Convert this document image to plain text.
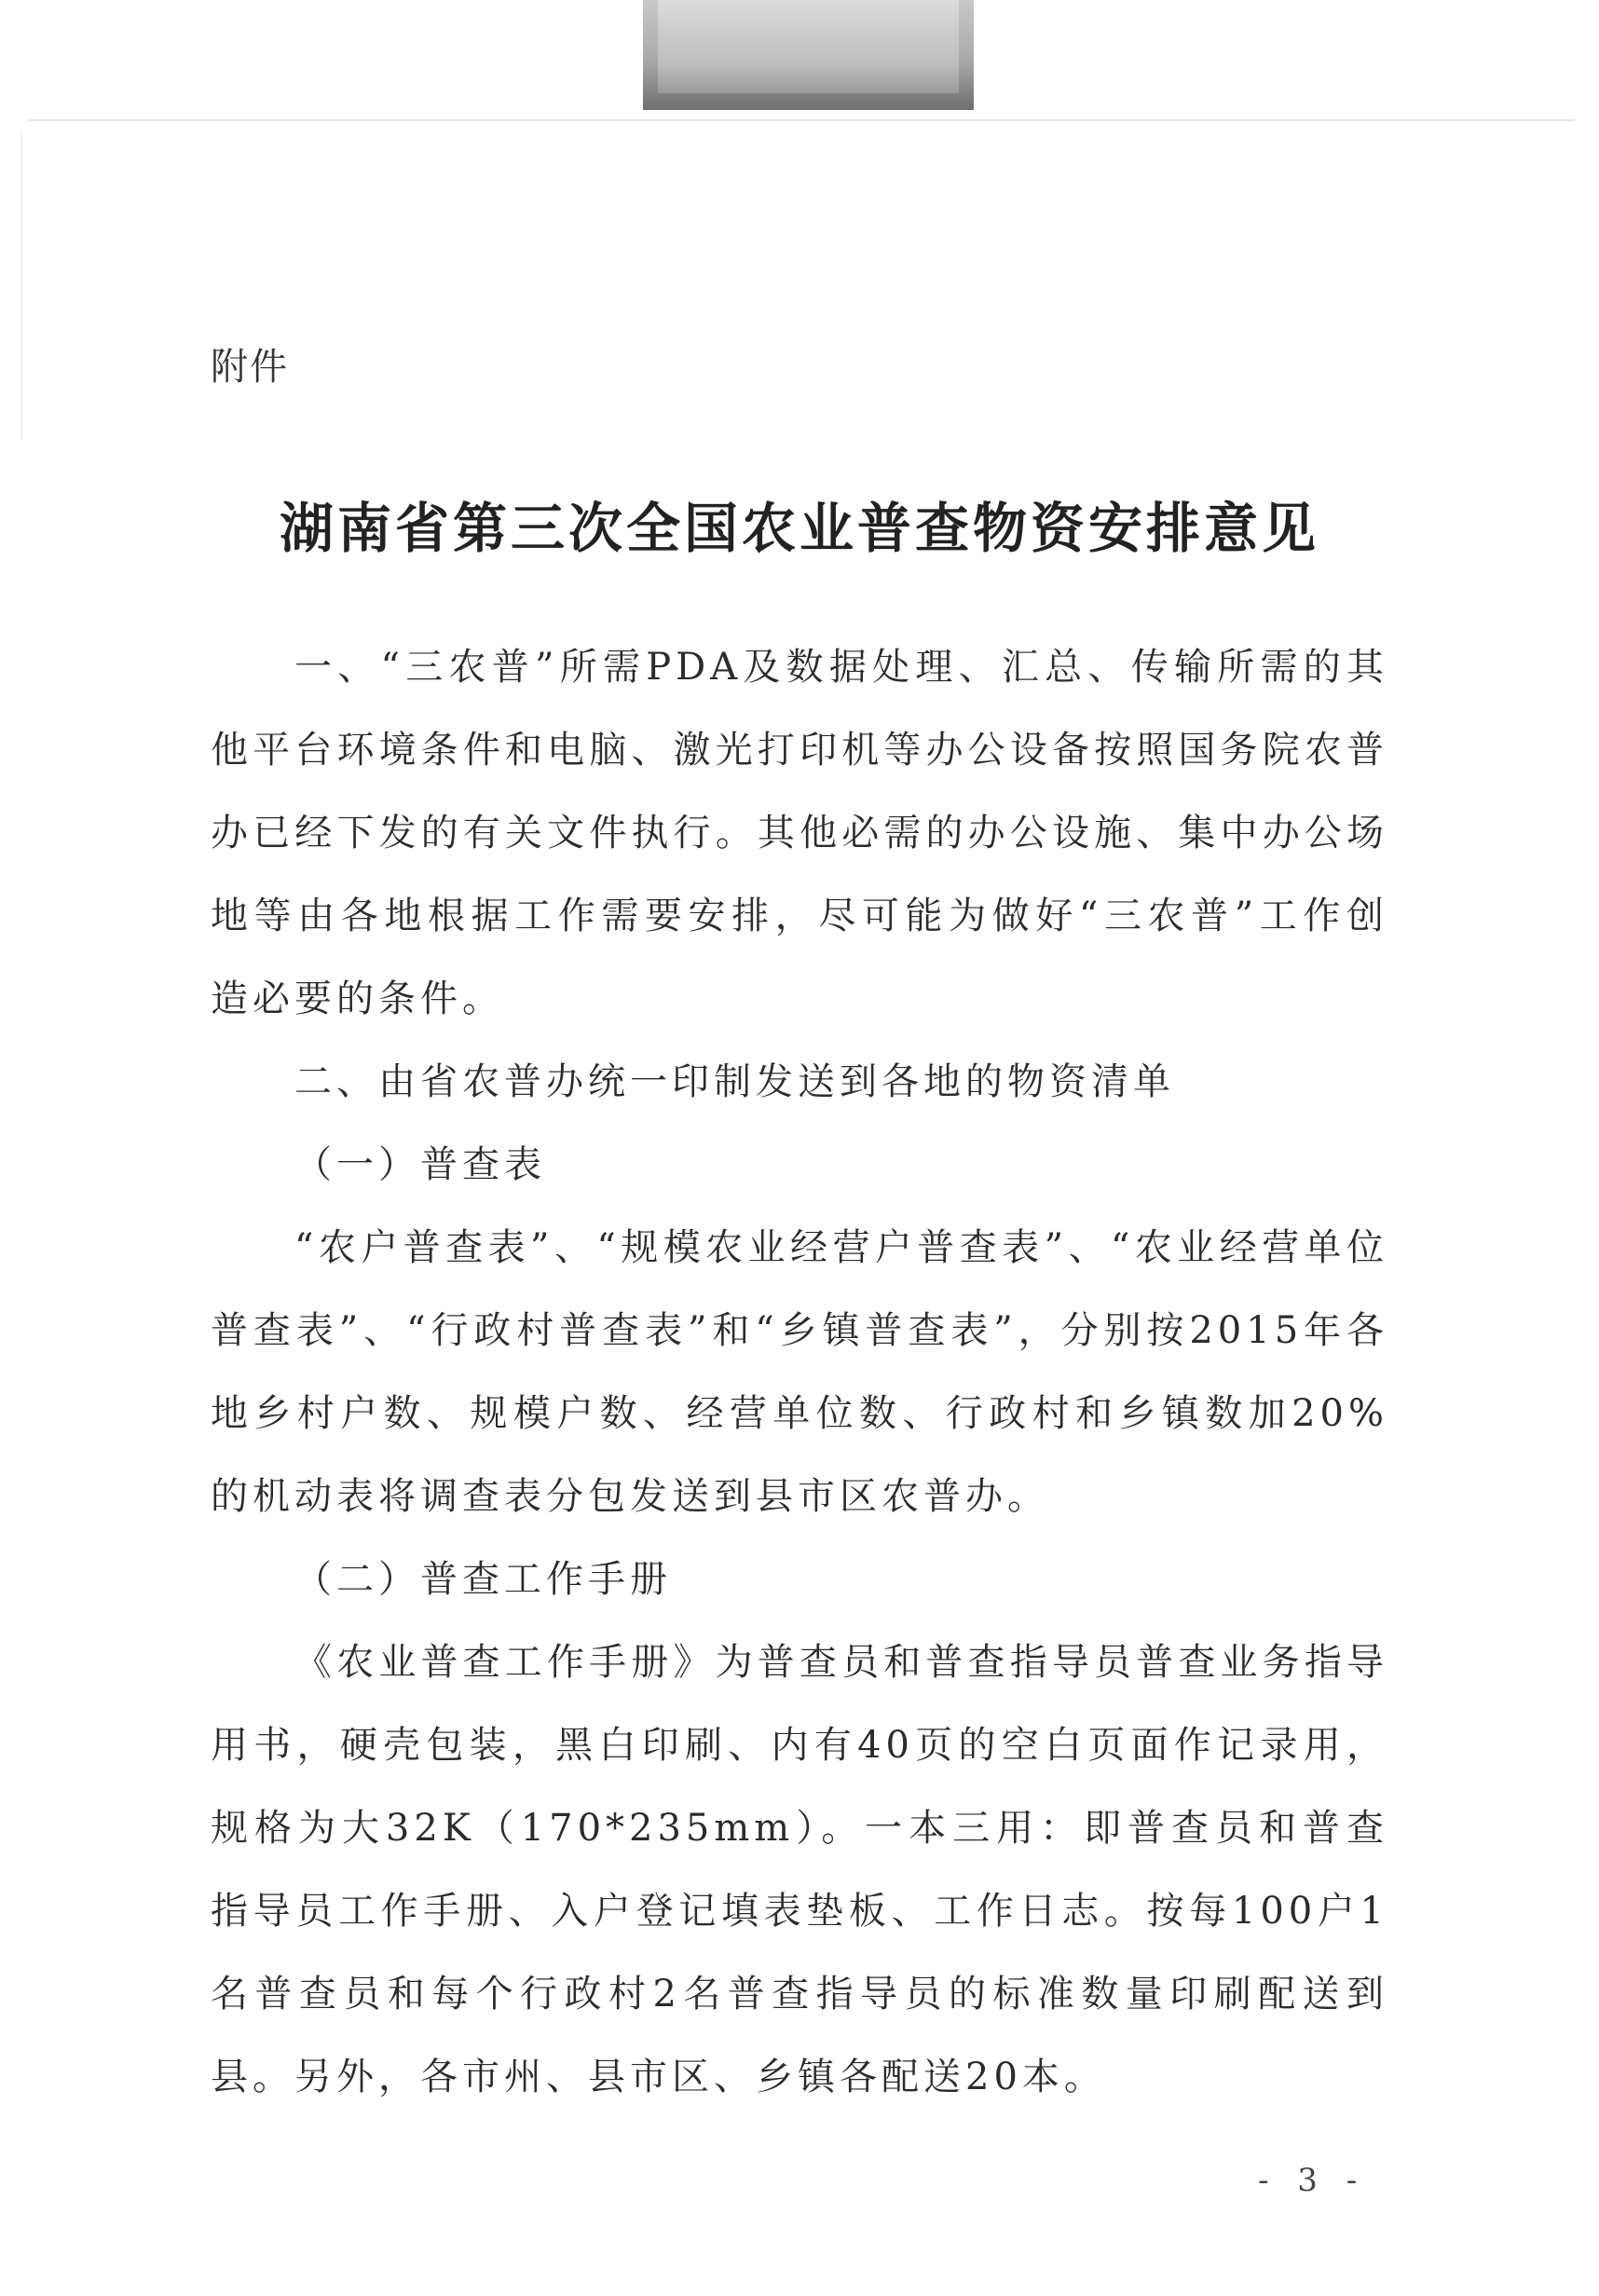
附件
湖南省第三次全国农业普查物资安排意见

一、“三农普”所需PDA及数据处理、汇总、传输所需的其他平台环境条件和电脑、激光打印机等办公设备按照国务院农普办已经下发的有关文件执行。其他必需的办公设施、集中办公场地等由各地根据工作需要安排，尽可能为做好“三农普”工作创造必要的条件。

二、由省农普办统一印制发送到各地的物资清单

（一）普查表

“农户普查表”、“规模农业经营户普查表”、“农业经营单位普查表”、“行政村普查表”和“乡镇普查表”，分别按2015年各地乡村户数、规模户数、经营单位数、行政村和乡镇数加20%的机动表将调查表分包发送到县市区农普办。

（二）普查工作手册

《农业普查工作手册》为普查员和普查指导员普查业务指导用书，硬壳包装，黑白印刷、内有40页的空白页面作记录用，规格为大32K（170*235mm）。一本三用：即普查员和普查指导员工作手册、入户登记填表垫板、工作日志。按每100户1名普查员和每个行政村2名普查指导员的标准数量印刷配送到县。另外，各市州、县市区、乡镇各配送20本。

- 3 -
